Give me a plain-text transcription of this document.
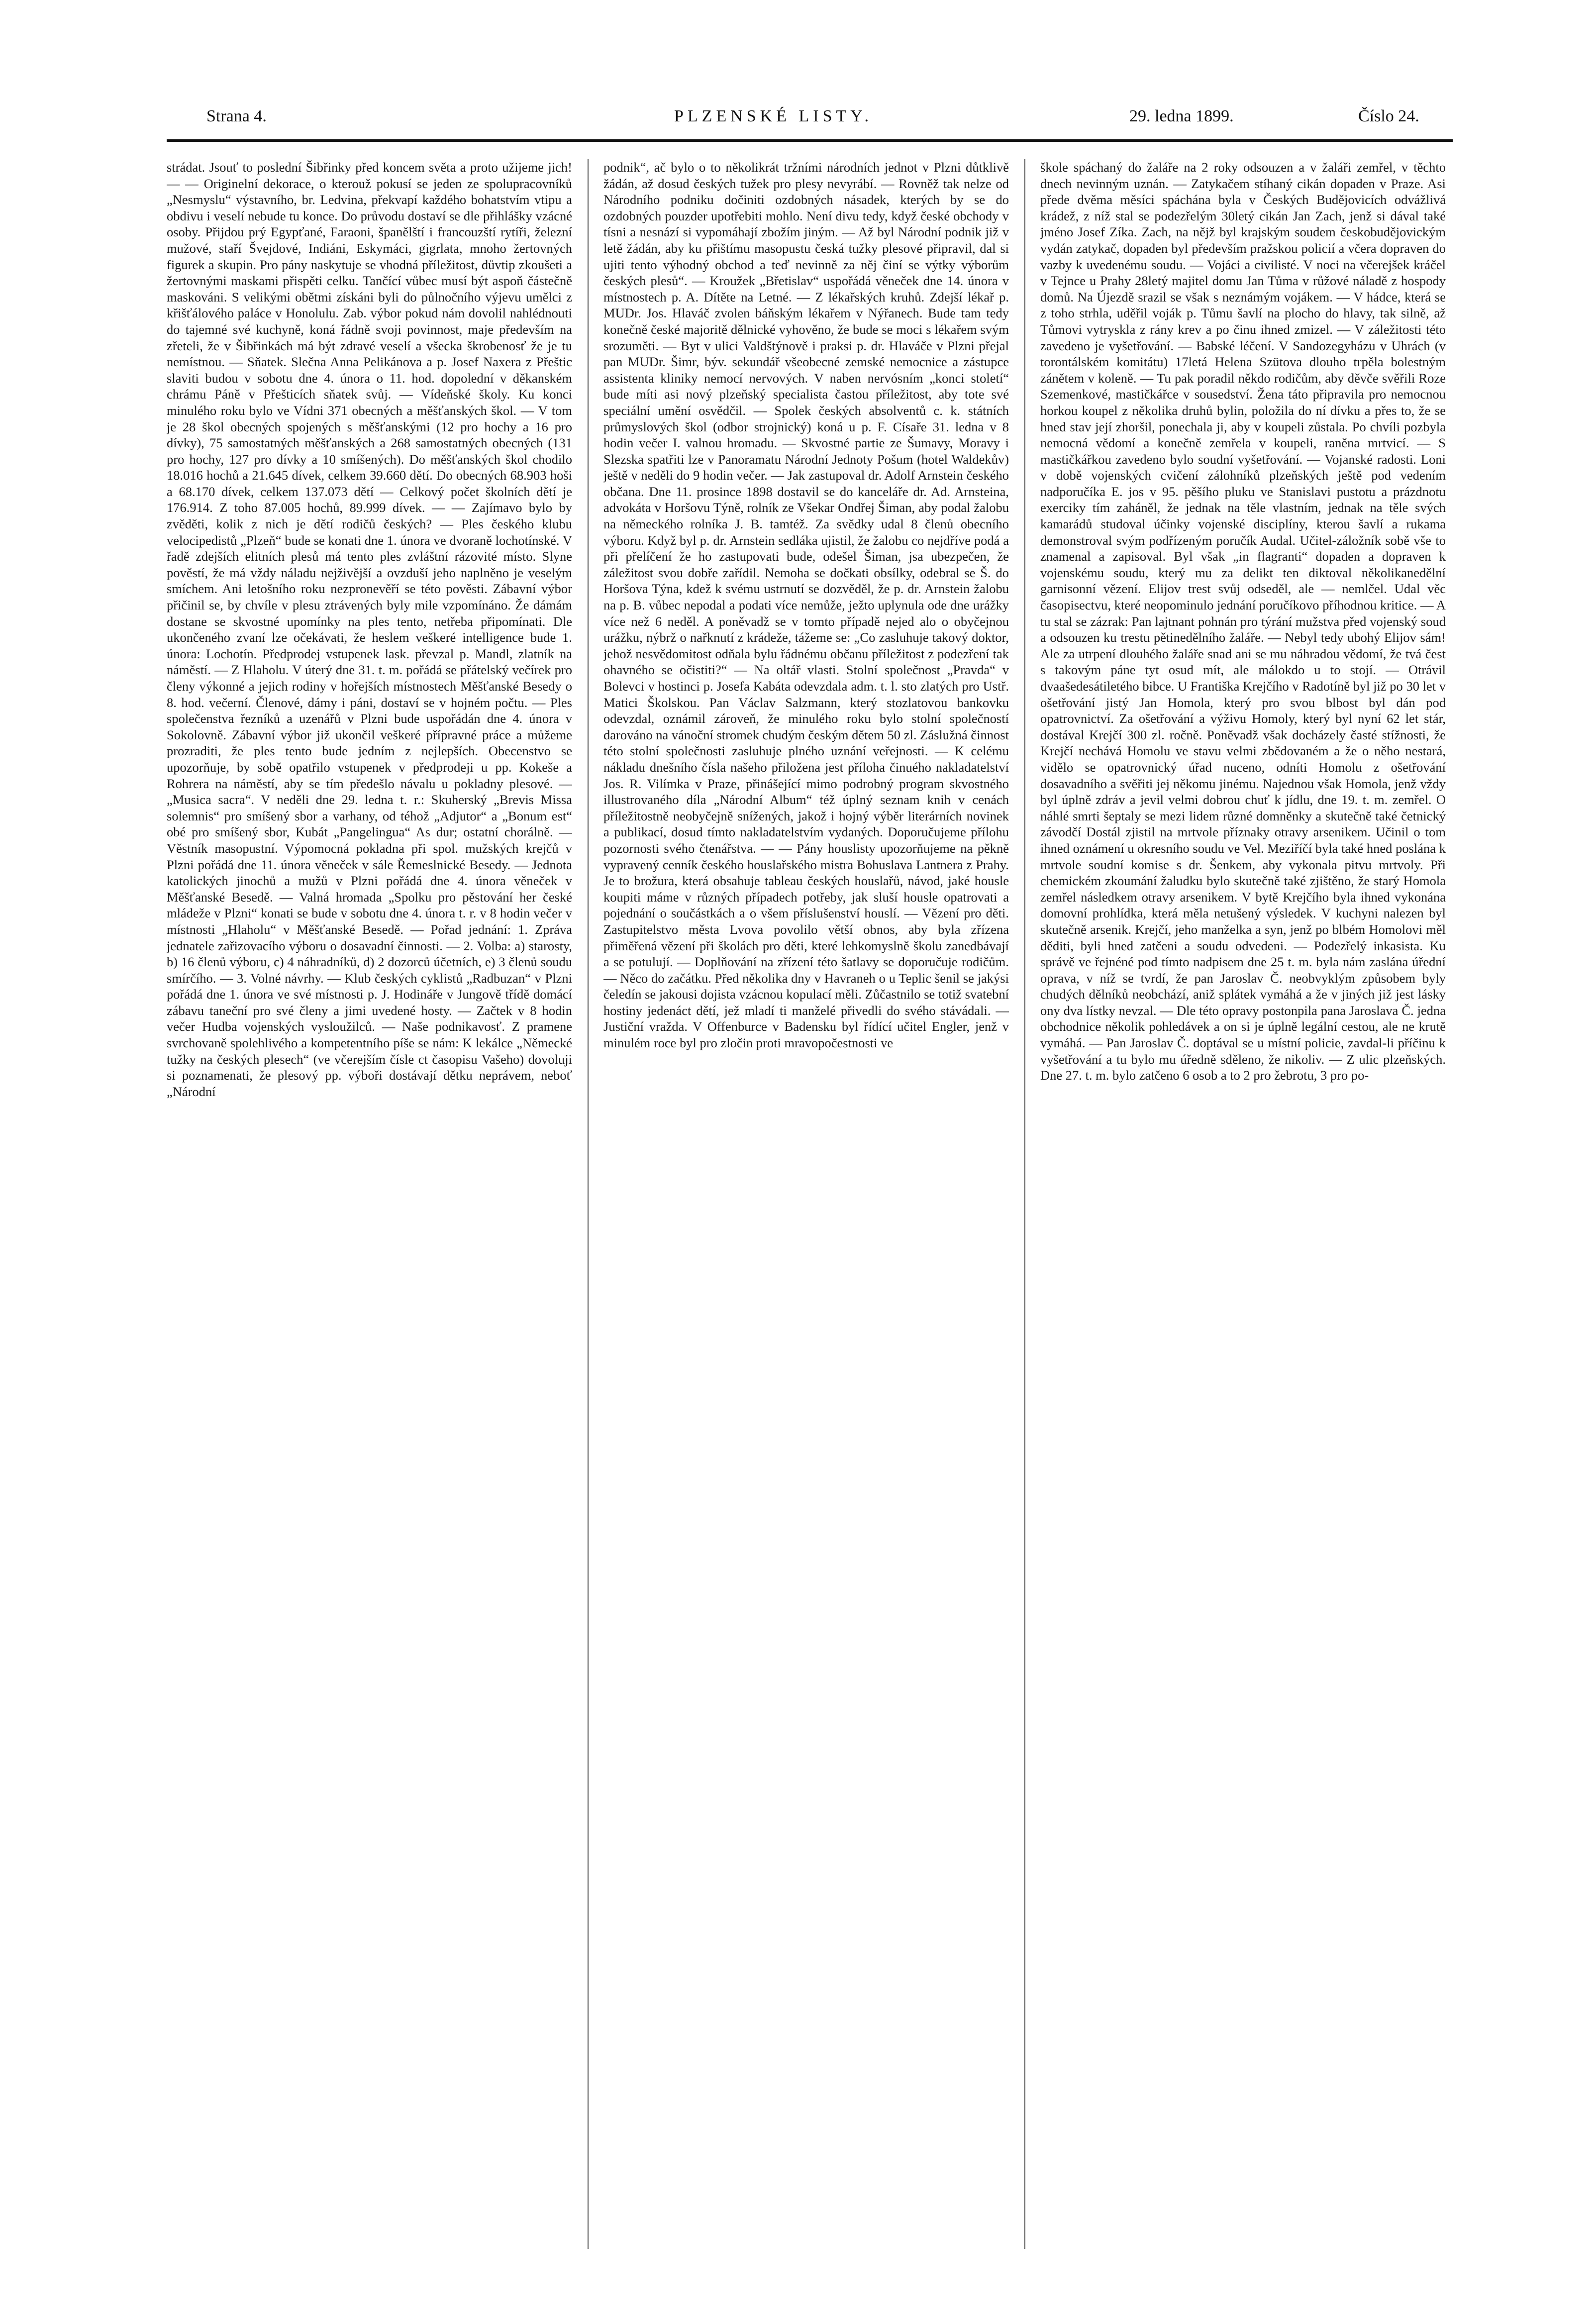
Strana 4.	PLZENSKÉ LISTY.	29. ledna 1899.	Číslo 24.

strádat. Jsouť to poslední Šibřinky před koncem světa a proto užijeme jich! — — Originelní dekorace, o kterouž pokusí se jeden ze spolupracovníků „Nesmyslu“ výstavního, br. Ledvina, překvapí každého bohatstvím vtipu a obdivu i veselí nebude tu konce. Do průvodu dostaví se dle přihlášky vzácné osoby. Přijdou prý Egypťané, Faraoni, španělští i francouzští rytíři, železní mužové, staří Švejdové, Indiáni, Eskymáci, gigrlata, mnoho žertovných figurek a skupin. Pro pány naskytuje se vhodná příležitost, důvtip zkoušeti a žertovnými maskami přispěti celku. Tančící vůbec musí být aspoň částečně maskováni. S velikými obětmi získáni byli do půlnočního výjevu umělci z křišťálového paláce v Honolulu. Zab. výbor pokud nám dovolil nahlédnouti do tajemné své kuchyně, koná řádně svoji povinnost, maje především na zřeteli, že v Šibřinkách má být zdravé veselí a všecka škrobenosť že je tu nemístnou. — Sňatek. Slečna Anna Pelikánova a p. Josef Naxera z Přeštic slaviti budou v sobotu dne 4. února o 11. hod. dopolední v děkanském chrámu Páně v Přešticích sňatek svůj. — Vídeňské školy. Ku konci minulého roku bylo ve Vídni 371 obecných a měšťanských škol. — V tom je 28 škol obecných spojených s měšťanskými (12 pro hochy a 16 pro dívky), 75 samostatných měšťanských a 268 samostatných obecných (131 pro hochy, 127 pro dívky a 10 smíšených). Do měšťanských škol chodilo 18.016 hochů a 21.645 dívek, celkem 39.660 dětí. Do obecných 68.903 hoši a 68.170 dívek, celkem 137.073 dětí — Celkový počet školních dětí je 176.914. Z toho 87.005 hochů, 89.999 dívek. — — Zajímavo bylo by zvěděti, kolik z nich je dětí rodičů českých? — Ples českého klubu velocipedistů „Plzeň“ bude se konati dne 1. února ve dvoraně lochotínské. V řadě zdejších elitních plesů má tento ples zvláštní rázovité místo. Slyne pověstí, že má vždy náladu nejživější a ovzduší jeho naplněno je veselým smíchem. Ani letošního roku nezpronevěří se této pověsti. Zábavní výbor přičinil se, by chvíle v plesu ztrávených byly mile vzpomínáno. Že dámám dostane se skvostné upomínky na ples tento, netřeba připomínati. Dle ukončeného zvaní lze očekávati, že heslem veškeré intelligence bude 1. února: Lochotín. Předprodej vstupenek lask. převzal p. Mandl, zlatník na náměstí. — Z Hlaholu. V úterý dne 31. t. m. pořádá se přátelský večírek pro členy výkonné a jejich rodiny v hořejších místnostech Měšťanské Besedy o 8. hod. večerní. Členové, dámy i páni, dostaví se v hojném počtu. — Ples společenstva řezníků a uzenářů v Plzni bude uspořádán dne 4. února v Sokolovně. Zábavní výbor již ukončil veškeré přípravné práce a můžeme prozraditi, že ples tento bude jedním z nejlepších. Obecenstvo se upozorňuje, by sobě opatřilo vstupenek v předprodeji u pp. Kokeše a Rohrera na náměstí, aby se tím předešlo návalu u pokladny plesové. — „Musica sacra“. V neděli dne 29. ledna t. r.: Skuherský „Brevis Missa solemnis“ pro smíšený sbor a varhany, od téhož „Adjutor“ a „Bonum est“ obé pro smíšený sbor, Kubát „Pangelingua“ As dur; ostatní chorálně. — Věstník masopustní. Výpomocná pokladna při spol. mužských krejčů v Plzni pořádá dne 11. února věneček v sále Řemeslnické Besedy. — Jednota katolických jinochů a mužů v Plzni pořádá dne 4. února věneček v Měšťanské Besedě. — Valná hromada „Spolku pro pěstování her české mládeže v Plzni“ konati se bude v sobotu dne 4. února t. r. v 8 hodin večer v místnosti „Hlaholu“ v Měšťanské Besedě. — Pořad jednání: 1. Zpráva jednatele zařizovacího výboru o dosavadní činnosti. — 2. Volba: a) starosty, b) 16 členů výboru, c) 4 náhradníků, d) 2 dozorců účetních, e) 3 členů soudu smírčího. — 3. Volné návrhy. — Klub českých cyklistů „Radbuzan“ v Plzni pořádá dne 1. února ve své místnosti p. J. Hodináře v Jungově třídě domácí zábavu taneční pro své členy a jimi uvedené hosty. — Začtek v 8 hodin večer Hudba vojenských vysloužilců. — Naše podnikavosť. Z pramene svrchovaně spolehlivého a kompetentního píše se nám: K lekálce „Německé tužky na českých plesech“ (ve včerejším čísle ct časopisu Vašeho) dovoluji si poznamenati, že plesový pp. výboři dostávají dětku neprávem, neboť „Národní

podnik“, ač bylo o to několikrát tržními národních jednot v Plzni důtklivě žádán, až dosud českých tužek pro plesy nevyrábí. — Rovněž tak nelze od Národního podniku dočiniti ozdobných násadek, kterých by se do ozdobných pouzder upotřebiti mohlo. Není divu tedy, když české obchody v tísni a nesnází si vypomáhají zbožím jiným. — Až byl Národní podnik již v letě žádán, aby ku přištímu masopustu česká tužky plesové připravil, dal si ujiti tento výhodný obchod a teď nevinně za něj činí se výtky výborům českých plesů“. — Kroužek „Břetislav“ uspořádá věneček dne 14. února v místnostech p. A. Dítěte na Letné. — Z lékařských kruhů. Zdejší lékař p. MUDr. Jos. Hlaváč zvolen báňským lékařem v Nýřanech. Bude tam tedy konečně české majoritě dělnické vyhověno, že bude se moci s lékařem svým srozuměti. — Byt v ulici Valdštýnově i praksi p. dr. Hlaváče v Plzni přejal pan MUDr. Šimr, býv. sekundář všeobecné zemské nemocnice a zástupce assistenta kliniky nemocí nervových. V naben nervósním „konci století“ bude míti asi nový plzeňský specialista častou příležitost, aby tote své speciální umění osvědčil. — Spolek českých absolventů c. k. státních průmyslových škol (odbor strojnický) koná u p. F. Císaře 31. ledna v 8 hodin večer I. valnou hromadu. — Skvostné partie ze Šumavy, Moravy i Slezska spatřiti lze v Panoramatu Národní Jednoty Pošum (hotel Waldekův) ještě v neděli do 9 hodin večer. — Jak zastupoval dr. Adolf Arnstein českého občana. Dne 11. prosince 1898 dostavil se do kanceláře dr. Ad. Arnsteina, advokáta v Horšovu Týně, rolník ze Všekar Ondřej Šiman, aby podal žalobu na německého rolníka J. B. tamtéž. Za svědky udal 8 členů obecního výboru. Když byl p. dr. Arnstein sedláka ujistil, že žalobu co nejdříve podá a při přelíčení že ho zastupovati bude, odešel Šiman, jsa ubezpečen, že záležitost svou dobře zařídil. Nemoha se dočkati obsílky, odebral se Š. do Horšova Týna, kdež k svému ustrnutí se dozvěděl, že p. dr. Arnstein žalobu na p. B. vůbec nepodal a podati více nemůže, ježto uplynula ode dne urážky více než 6 neděl. A poněvadž se v tomto případě nejed alo o obyčejnou urážku, nýbrž o nařknutí z krádeže, tážeme se: „Co zasluhuje takový doktor, jehož nesvědomitost odňala bylu řádnému občanu příležitost z podezření tak ohavného se očistiti?“ — Na oltář vlasti. Stolní společnost „Pravda“ v Bolevci v hostinci p. Josefa Kabáta odevzdala adm. t. l. sto zlatých pro Ustř. Matici Školskou. Pan Václav Salzmann, který stozlatovou bankovku odevzdal, oznámil zároveň, že minulého roku bylo stolní společností darováno na vánoční stromek chudým českým dětem 50 zl. Záslužná činnost této stolní společnosti zasluhuje plného uznání veřejnosti. — K celému nákladu dnešního čísla našeho přiložena jest příloha činuého nakladatelství Jos. R. Vilímka v Praze, přinášející mimo podrobný program skvostného illustrovaného díla „Národní Album“ též úplný seznam knih v cenách příležitostně neobyčejně snížených, jakož i hojný výběr literárních novinek a publikací, dosud tímto nakladatelstvím vydaných. Doporučujeme přílohu pozornosti svého čtenářstva. — — Pány houslisty upozorňujeme na pěkně vypravený cenník českého houslařského mistra Bohuslava Lantnera z Prahy. Je to brožura, která obsahuje tableau českých houslařů, návod, jaké housle koupiti máme v různých případech potřeby, jak sluší housle opatrovati a pojednání o součástkách a o všem příslušenství houslí. — Vězení pro děti. Zastupitelstvo města Lvova povolilo větší obnos, aby byla zřízena přiměřená vězení při školách pro děti, které lehkomyslně školu zanedbávají a se potulují. — Doplňování na zřízení této šatlavy se doporučuje rodičům. — Něco do začátku. Před několika dny v Havraneh o u Teplic šenil se jakýsi čeledín se jakousi dojista vzácnou kopulací měli. Zůčastnilo se totiž svatební hostiny jedenáct dětí, jež mladí ti manželé přivedli do svého stávádali. — Justiční vražda. V Offenburce v Badensku byl řídící učitel Engler, jenž v minulém roce byl pro zločin proti mravopočestnosti ve

škole spáchaný do žaláře na 2 roky odsouzen a v žaláři zemřel, v těchto dnech nevinným uznán. — Zatykačem stíhaný cikán dopaden v Praze. Asi přede dvěma měsíci spáchána byla v Českých Budějovicích odvážlivá krádež, z níž stal se podezřelým 30letý cikán Jan Zach, jenž si dával také jméno Josef Zíka. Zach, na nějž byl krajským soudem českobudějovickým vydán zatykač, dopaden byl především pražskou policií a včera dopraven do vazby k uvedenému soudu. — Vojáci a civilisté. V noci na včerejšek kráčel v Tejnce u Prahy 28letý majitel domu Jan Tůma v růžové náladě z hospody domů. Na Újezdě srazil se však s neznámým vojákem. — V hádce, která se z toho strhla, uděřil voják p. Tůmu šavlí na plocho do hlavy, tak silně, až Tůmovi vytryskla z rány krev a po činu ihned zmizel. — V záležitosti této zavedeno je vyšetřování. — Babské léčení. V Sandozegyházu v Uhrách (v torontálském komitátu) 17letá Helena Szütova dlouho trpěla bolestným zánětem v koleně. — Tu pak poradil někdo rodičům, aby děvče svěřili Roze Szemenkové, mastičkářce v sousedství. Žena táto připravila pro nemocnou horkou koupel z několika druhů bylin, položila do ní dívku a přes to, že se hned stav její zhoršil, ponechala ji, aby v koupeli zůstala. Po chvíli pozbyla nemocná vědomí a konečně zemřela v koupeli, raněna mrtvicí. — S mastičkářkou zavedeno bylo soudní vyšetřování. — Vojanské radosti. Loni v době vojenských cvičení zálohníků plzeňských ještě pod vedením nadporučíka E. jos v 95. pěšího pluku ve Stanislavi pustotu a prázdnotu exerciky tím zaháněl, že jednak na těle vlastním, jednak na těle svých kamarádů studoval účinky vojenské disciplíny, kterou šavlí a rukama demonstroval svým podřízeným poručík Audal. Učitel-záložník sobě vše to znamenal a zapisoval. Byl však „in flagranti“ dopaden a dopraven k vojenskému soudu, který mu za delikt ten diktoval několikanedělní garnisonní vězení. Elijov trest svůj odseděl, ale — nemlčel. Udal věc časopisectvu, které neopominulo jednání poručíkovo příhodnou kritice. — A tu stal se zázrak: Pan lajtnant pohnán pro týrání mužstva před vojenský soud a odsouzen ku trestu pětinedělního žaláře. — Nebyl tedy ubohý Elijov sám! Ale za utrpení dlouhého žaláře snad ani se mu náhradou vědomí, že tvá čest s takovým páne tyt osud mít, ale málokdo u to stojí. — Otrávil dvaašedesátiletého bibce. U Františka Krejčího v Radotíně byl již po 30 let v ošetřování jistý Jan Homola, který pro svou blbost byl dán pod opatrovnictví. Za ošetřování a výživu Homoly, který byl nyní 62 let stár, dostával Krejčí 300 zl. ročně. Poněvadž však docházely časté stížnosti, že Krejčí nechává Homolu ve stavu velmi zbědovaném a že o něho nestará, vidělo se opatrovnický úřad nuceno, odníti Homolu z ošetřování dosavadního a svěřiti jej někomu jinému. Najednou však Homola, jenž vždy byl úplně zdráv a jevil velmi dobrou chuť k jídlu, dne 19. t. m. zemřel. O náhlé smrti šeptaly se mezi lidem různé domněnky a skutečně také četnický závodčí Dostál zjistil na mrtvole příznaky otravy arsenikem. Učinil o tom ihned oznámení u okresního soudu ve Vel. Meziříčí byla také hned poslána k mrtvole soudní komise s dr. Šenkem, aby vykonala pitvu mrtvoly. Při chemickém zkoumání žaludku bylo skutečně také zjištěno, že starý Homola zemřel následkem otravy arsenikem. V bytě Krejčího byla ihned vykonána domovní prohlídka, která měla netušený výsledek. V kuchyni nalezen byl skutečně arsenik. Krejčí, jeho manželka a syn, jenž po blbém Homolovi měl děditi, byli hned zatčeni a soudu odvedeni. — Podezřelý inkasista. Ku správě ve řejnéné pod tímto nadpisem dne 25 t. m. byla nám zaslána úřední oprava, v níž se tvrdí, že pan Jaroslav Č. neobvyklým způsobem byly chudých dělníků neobchází, aniž splátek vymáhá a že v jiných již jest lásky ony dva lístky nevzal. — Dle této opravy postonpila pana Jaroslava Č. jedna obchodnice několik pohledávek a on si je úplně legální cestou, ale ne krutě vymáhá. — Pan Jaroslav Č. doptával se u místní policie, zavdal-li příčinu k vyšetřování a tu bylo mu úředně sděleno, že nikoliv. — Z ulic plzeňských. Dne 27. t. m. bylo zatčeno 6 osob a to 2 pro žebrotu, 3 pro po-
